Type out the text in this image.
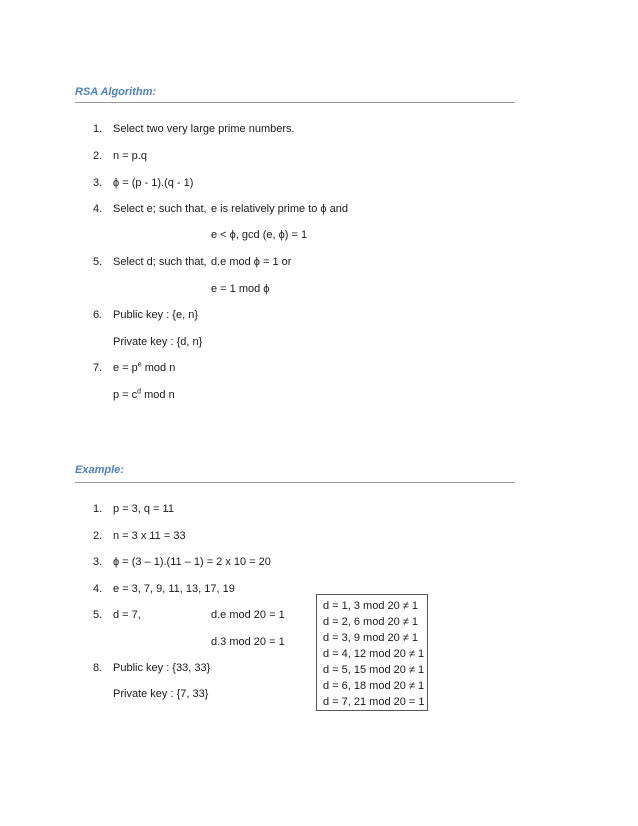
RSA Algorithm:
1. Select two very large prime numbers.
2. n = p.q
3. ϕ = (p - 1).(q - 1)
4. Select e; such that, e is relatively prime to ϕ and
e < ϕ, gcd (e, ϕ) = 1
5. Select d; such that, d.e mod ϕ = 1 or
e = 1 mod ϕ
6. Public key : {e, n}
Private key : {d, n}
7. $e = p^e$ mod n
$p = c^d$ mod n
Example:
1. p = 3, q = 11
2. n = 3 x 11 = 33
3. ϕ = (3 – 1).(11 – 1) = 2 x 10 = 20
4. e = 3, 7, 9, 11, 13, 17, 19
5. d = 7,	d.e mod 20 = 1
d.3 mod 20 = 1
8. Public key : {33, 33}
Private key : {7, 33}
d = 1, 3 mod 20 ≠ 1
d = 2, 6 mod 20 ≠ 1
d = 3, 9 mod 20 ≠ 1
d = 4, 12 mod 20 ≠ 1
d = 5, 15 mod 20 ≠ 1
d = 6, 18 mod 20 ≠ 1
d = 7, 21 mod 20 = 1
